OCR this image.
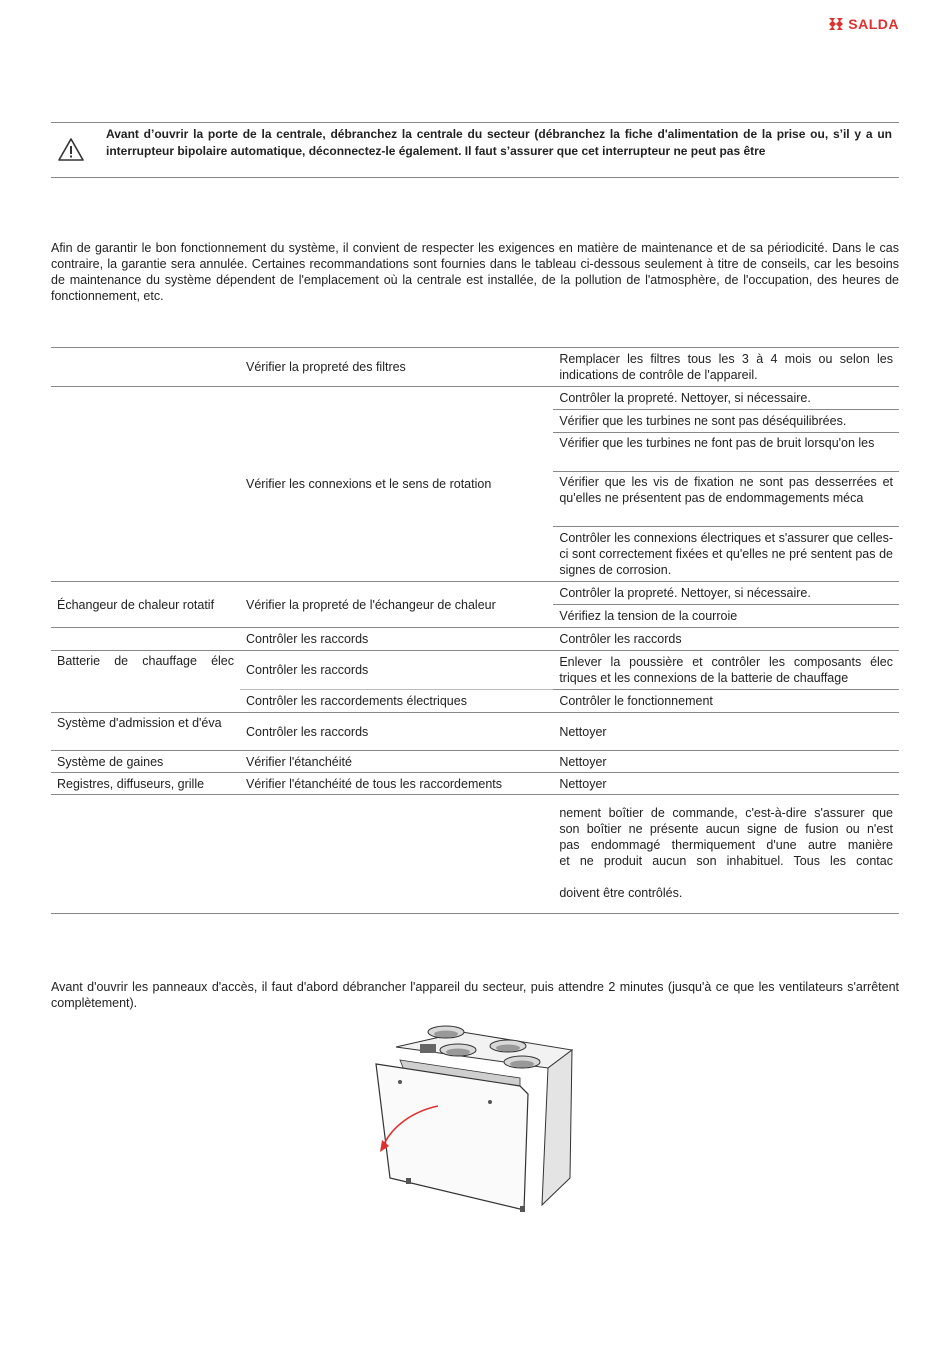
SALDA
Avant d’ouvrir la porte de la centrale, débranchez la centrale du secteur (débranchez la fiche d'alimentation de la prise ou, s’il y a un interrupteur bipolaire automatique, déconnectez-le également. Il faut s’assurer que cet interrupteur ne peut pas être
Afin de garantir le bon fonctionnement du système, il convient de respecter les exigences en matière de maintenance et de sa périodicité. Dans le cas contraire, la garantie sera annulée. Certaines recommandations sont fournies dans le tableau ci-dessous seulement à titre de conseils, car les besoins de maintenance du système dépendent de l'emplacement où la centrale est installée, de la pollution de l'atmosphère, de l'occupation, des heures de fonctionnement, etc.
	Vérifier la propreté des filtres	Remplacer les filtres tous les 3 à 4 mois ou selon les indications de contrôle de l'appareil.
	Vérifier les connexions et le sens de rotation	Contrôler la propreté. Nettoyer, si nécessaire.
		Vérifier que les turbines ne sont pas déséquilibrées.

		Vérifier que les turbines ne font pas de bruit lorsqu'on les

		Vérifier que les vis de fixation ne sont pas desserrées et qu'elles ne présentent pas de endommagements méca

		Contrôler les connexions électriques et s'assurer que celles-ci sont correctement fixées et qu'elles ne pré sentent pas de signes de corrosion.

Échangeur de chaleur rotatif	Vérifier la propreté de l'échangeur de chaleur	Contrôler la propreté. Nettoyer, si nécessaire.
		Vérifiez la tension de la courroie
	Contrôler les raccords	Contrôler les raccords

Batterie de chauffage élec	Contrôler les raccords	Enlever la poussière et contrôler les composants élec triques et les connexions de la batterie de chauffage
	Contrôler les raccordements électriques	Contrôler le fonctionnement

Système d'admission et d'éva	Contrôler les raccords	Nettoyer
Système de gaines	Vérifier l'étanchéité	Nettoyer
Registres, diffuseurs, grille	Vérifier l'étanchéité de tous les raccordements	Nettoyer

		nement boîtier de commande, c'est-à-dire s'assurer que
son boîtier ne présente aucun signe de fusion ou n'est
pas endommagé thermiquement d'une autre manière
et ne produit aucun son inhabituel. Tous les contac
doivent être contrôlés.
Avant d'ouvrir les panneaux d'accès, il faut d'abord débrancher l'appareil du secteur, puis attendre 2 minutes (jusqu'à ce que les ventilateurs s'arrêtent complètement).
